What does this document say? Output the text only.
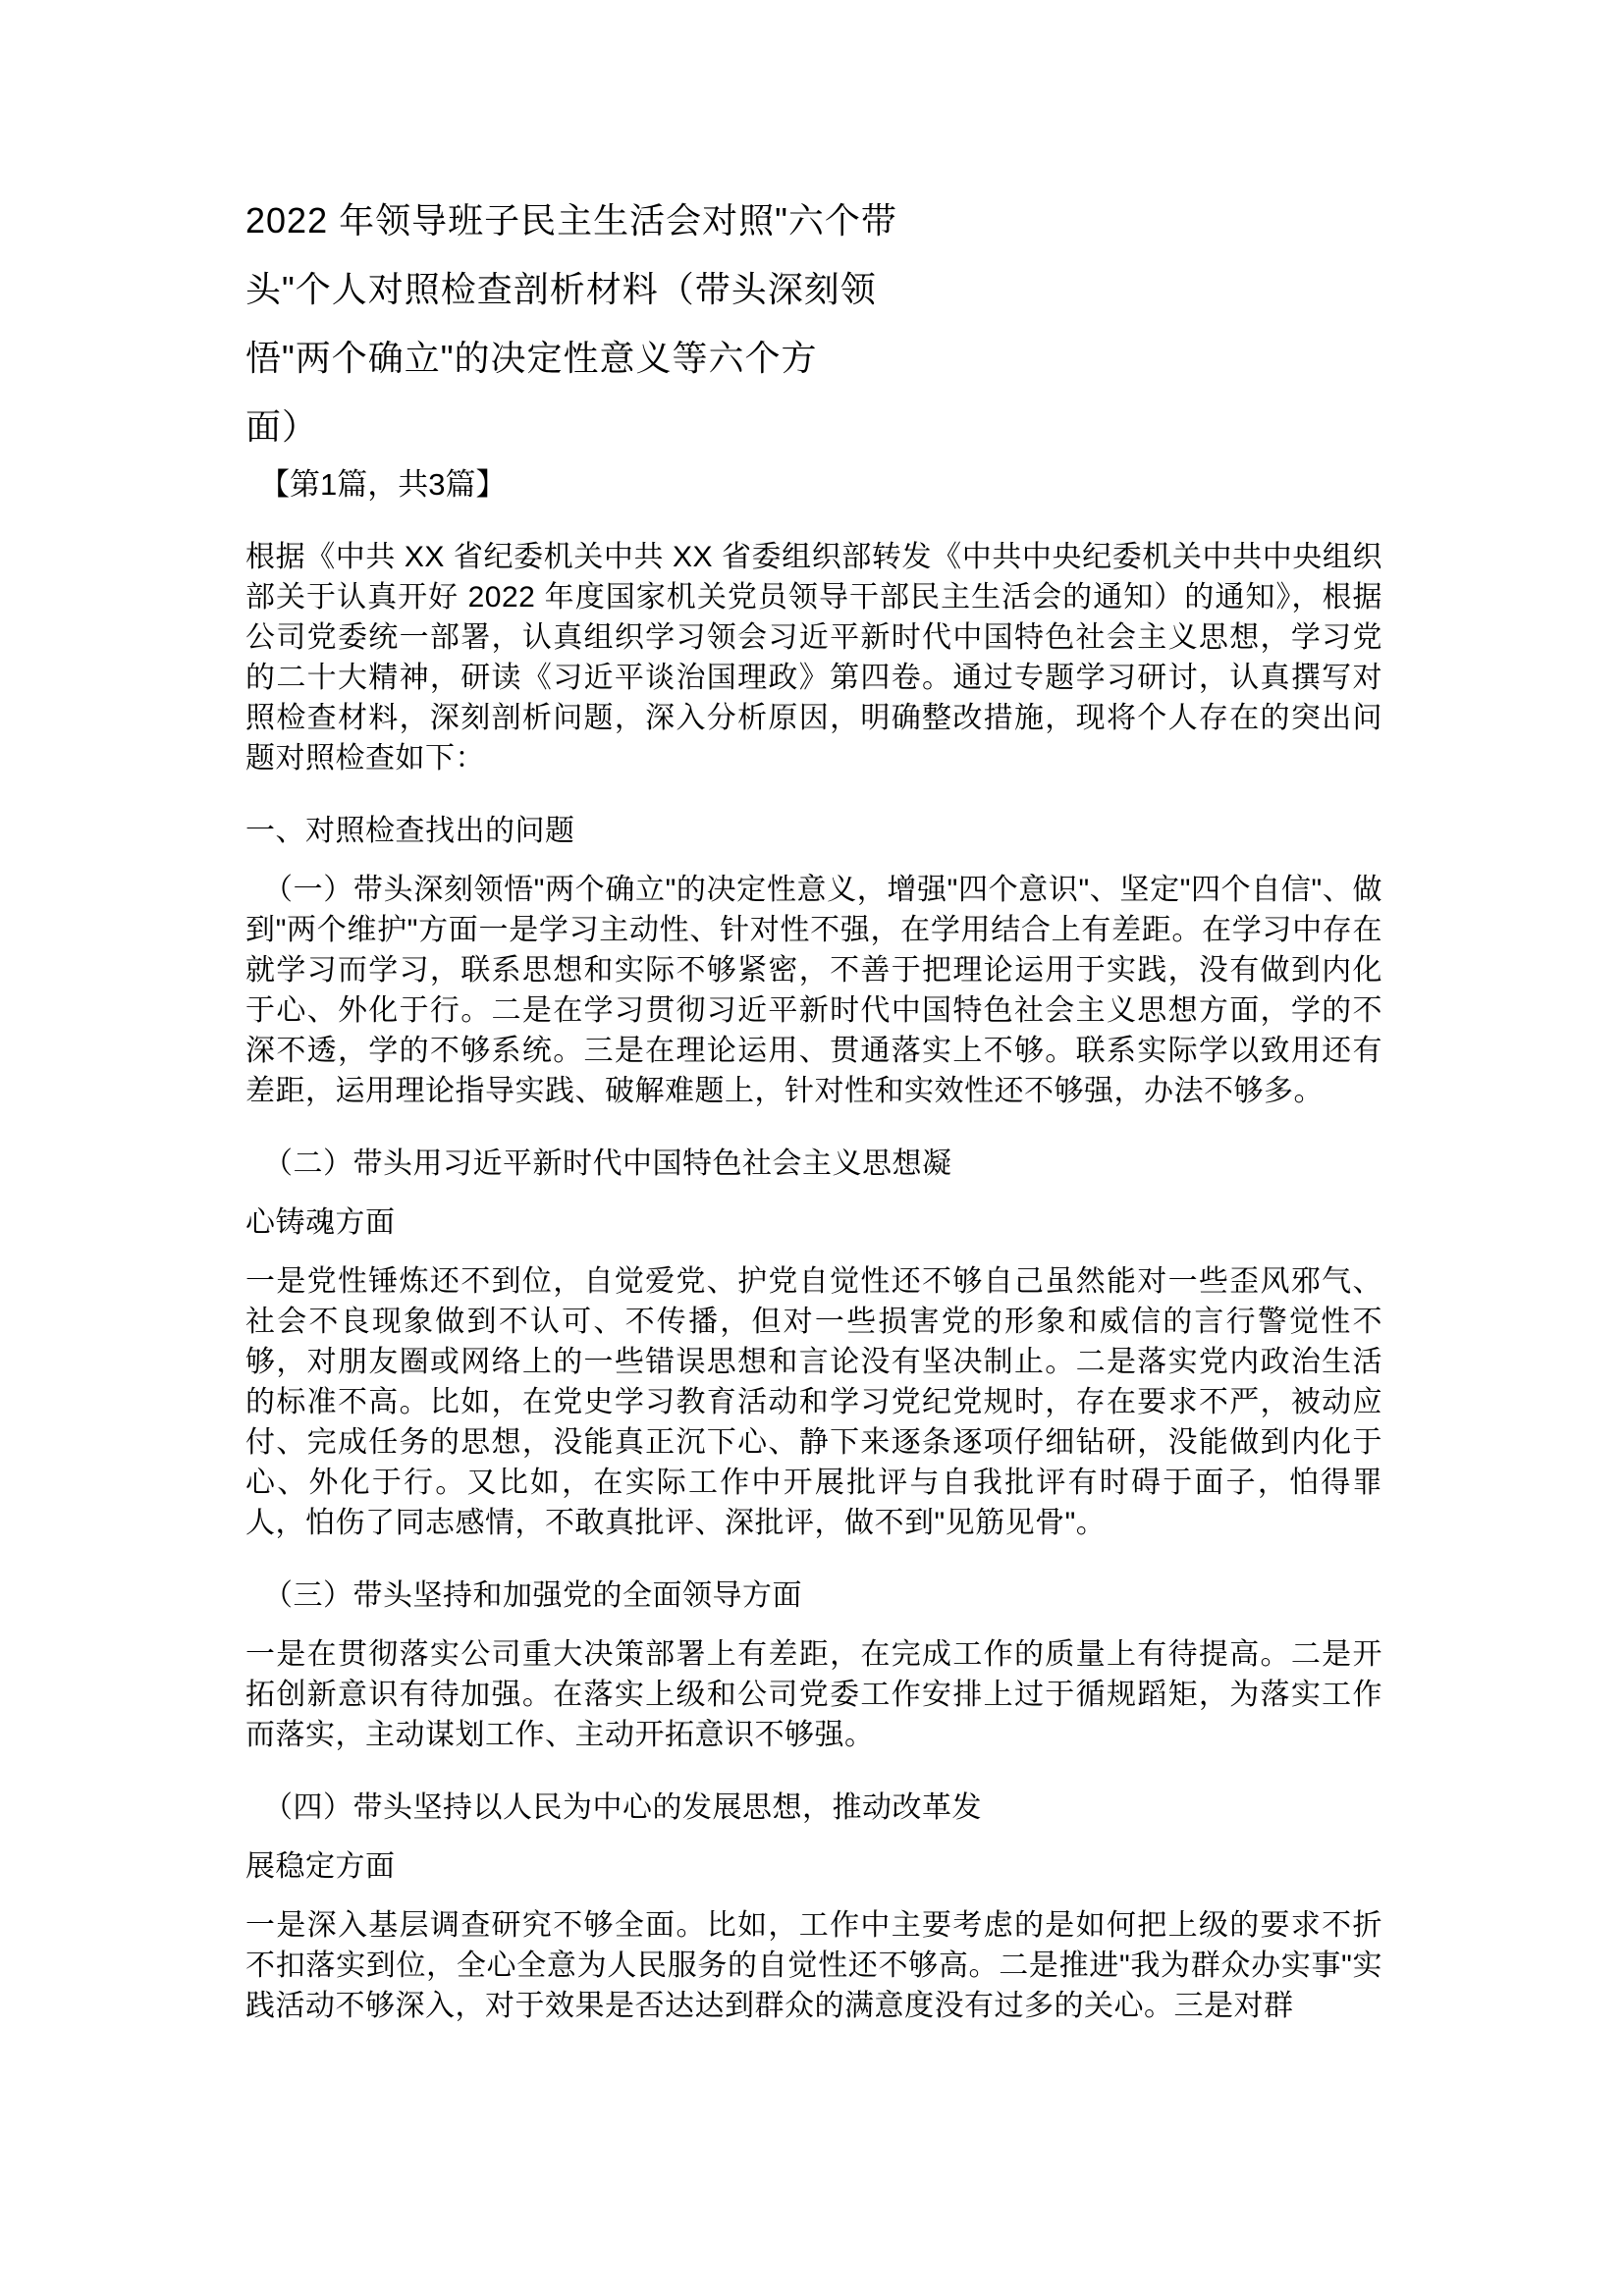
2022 年领导班子民主生活会对照"六个带
头"个人对照检查剖析材料（带头深刻领
悟"两个确立"的决定性意义等六个方
面）
【第1篇，共3篇】
根据《中共 XX 省纪委机关中共 XX 省委组织部转发《中共中央纪委机关中共中央组织部关于认真开好 2022 年度国家机关党员领导干部民主生活会的通知）的通知》，根据公司党委统一部署，认真组织学习领会习近平新时代中国特色社会主义思想，学习党的二十大精神，研读《习近平谈治国理政》第四卷。通过专题学习研讨，认真撰写对照检查材料，深刻剖析问题，深入分析原因，明确整改措施，现将个人存在的突出问题对照检查如下：
一、对照检查找出的问题
（一）带头深刻领悟"两个确立"的决定性意义，增强"四个意识"、坚定"四个自信"、做到"两个维护"方面一是学习主动性、针对性不强，在学用结合上有差距。在学习中存在就学习而学习，联系思想和实际不够紧密，不善于把理论运用于实践，没有做到内化于心、外化于行。二是在学习贯彻习近平新时代中国特色社会主义思想方面，学的不深不透，学的不够系统。三是在理论运用、贯通落实上不够。联系实际学以致用还有差距，运用理论指导实践、破解难题上，针对性和实效性还不够强，办法不够多。
（二）带头用习近平新时代中国特色社会主义思想凝
心铸魂方面
一是党性锤炼还不到位，自觉爱党、护党自觉性还不够自己虽然能对一些歪风邪气、社会不良现象做到不认可、不传播，但对一些损害党的形象和威信的言行警觉性不够，对朋友圈或网络上的一些错误思想和言论没有坚决制止。二是落实党内政治生活的标准不高。比如，在党史学习教育活动和学习党纪党规时，存在要求不严，被动应付、完成任务的思想，没能真正沉下心、静下来逐条逐项仔细钻研，没能做到内化于心、外化于行。又比如，在实际工作中开展批评与自我批评有时碍于面子，怕得罪人，怕伤了同志感情，不敢真批评、深批评，做不到"见筋见骨"。
（三）带头坚持和加强党的全面领导方面
一是在贯彻落实公司重大决策部署上有差距，在完成工作的质量上有待提高。二是开拓创新意识有待加强。在落实上级和公司党委工作安排上过于循规蹈矩，为落实工作而落实，主动谋划工作、主动开拓意识不够强。
（四）带头坚持以人民为中心的发展思想，推动改革发
展稳定方面
一是深入基层调查研究不够全面。比如，工作中主要考虑的是如何把上级的要求不折不扣落实到位，全心全意为人民服务的自觉性还不够高。二是推进"我为群众办实事"实践活动不够深入，对于效果是否达达到群众的满意度没有过多的关心。三是对群
